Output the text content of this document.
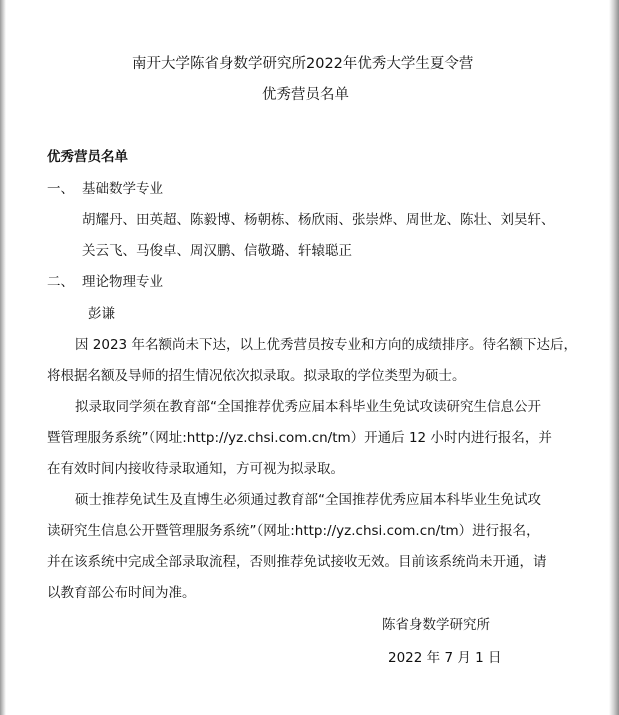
南开大学陈省身数学研究所2022年优秀大学生夏令营
优秀营员名单
优秀营员名单
一、 基础数学专业
胡耀丹、田英超、陈毅博、杨朝栋、杨欣雨、张崇烨、周世龙、陈壮、刘昊轩、
关云飞、马俊卓、周汉鹏、信敬璐、轩辕聪正
二、 理论物理专业
彭谦
因 2023 年名额尚未下达，以上优秀营员按专业和方向的成绩排序。待名额下达后，
将根据名额及导师的招生情况依次拟录取。拟录取的学位类型为硕士。
拟录取同学须在教育部“全国推荐优秀应届本科毕业生免试攻读研究生信息公开
暨管理服务系统”（网址:http://yz.chsi.com.cn/tm）开通后 12 小时内进行报名，并
在有效时间内接收待录取通知，方可视为拟录取。
硕士推荐免试生及直博生必须通过教育部“全国推荐优秀应届本科毕业生免试攻
读研究生信息公开暨管理服务系统”（网址:http://yz.chsi.com.cn/tm）进行报名，
并在该系统中完成全部录取流程，否则推荐免试接收无效。目前该系统尚未开通，请
以教育部公布时间为准。
陈省身数学研究所
2022 年 7 月 1 日
